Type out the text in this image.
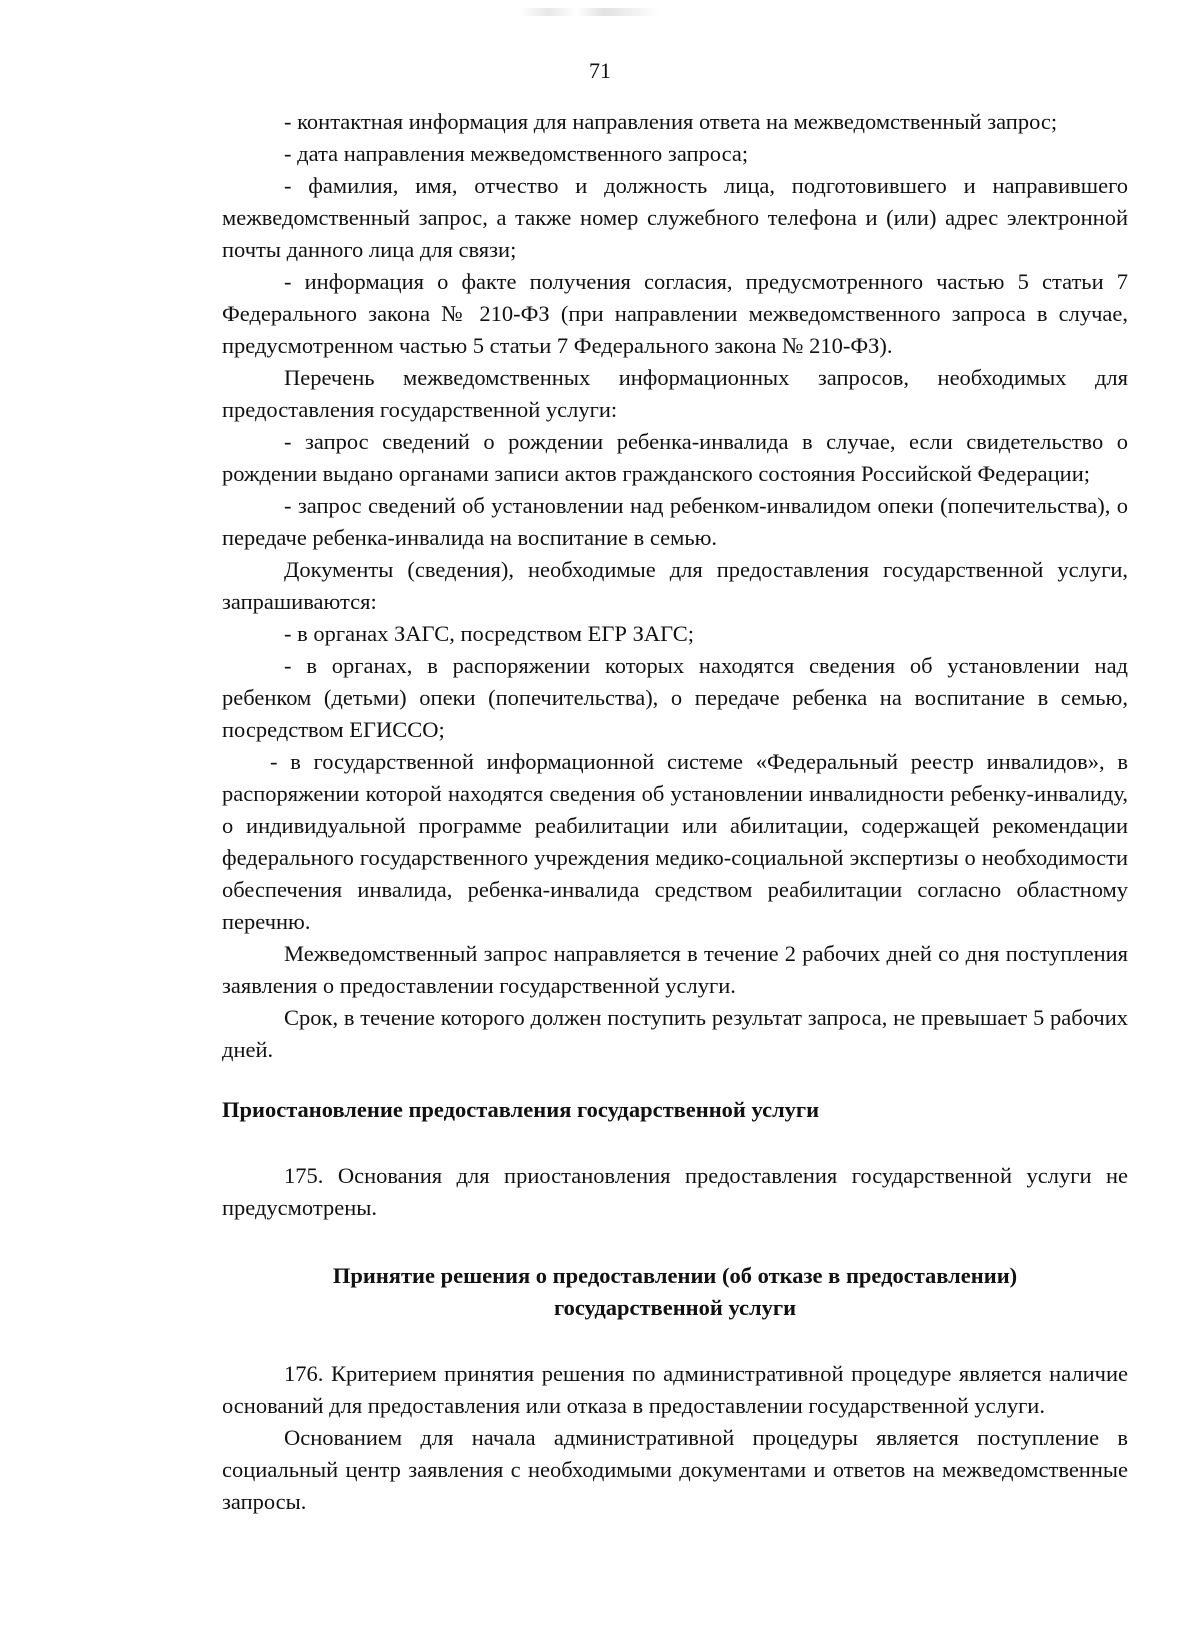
71

- контактная информация для направления ответа на межведомственный запрос;

- дата направления межведомственного запроса;

- фамилия, имя, отчество и должность лица, подготовившего и направившего межведомственный запрос, а также номер служебного телефона и (или) адрес электронной почты данного лица для связи;

- информация о факте получения согласия, предусмотренного частью 5 статьи 7 Федерального закона № 210-ФЗ (при направлении межведомственного запроса в случае, предусмотренном частью 5 статьи 7 Федерального закона № 210-ФЗ).

Перечень межведомственных информационных запросов, необходимых для предоставления государственной услуги:

- запрос сведений о рождении ребенка-инвалида в случае, если свидетельство о рождении выдано органами записи актов гражданского состояния Российской Федерации;

- запрос сведений об установлении над ребенком-инвалидом опеки (попечительства), о передаче ребенка-инвалида на воспитание в семью.

Документы (сведения), необходимые для предоставления государственной услуги, запрашиваются:

- в органах ЗАГС, посредством ЕГР ЗАГС;

- в органах, в распоряжении которых находятся сведения об установлении над ребенком (детьми) опеки (попечительства), о передаче ребенка на воспитание в семью, посредством ЕГИССО;

- в государственной информационной системе «Федеральный реестр инвалидов», в распоряжении которой находятся сведения об установлении инвалидности ребенку-инвалиду, о индивидуальной программе реабилитации или абилитации, содержащей рекомендации федерального государственного учреждения медико-социальной экспертизы о необходимости обеспечения инвалида, ребенка-инвалида средством реабилитации согласно областному перечню.

Межведомственный запрос направляется в течение 2 рабочих дней со дня поступления заявления о предоставлении государственной услуги.

Срок, в течение которого должен поступить результат запроса, не превышает 5 рабочих дней.

Приостановление предоставления государственной услуги

175. Основания для приостановления предоставления государственной услуги не предусмотрены.

Принятие решения о предоставлении (об отказе в предоставлении)
государственной услуги

176. Критерием принятия решения по административной процедуре является наличие оснований для предоставления или отказа в предоставлении государственной услуги.

Основанием для начала административной процедуры является поступление в социальный центр заявления с необходимыми документами и ответов на межведомственные запросы.
